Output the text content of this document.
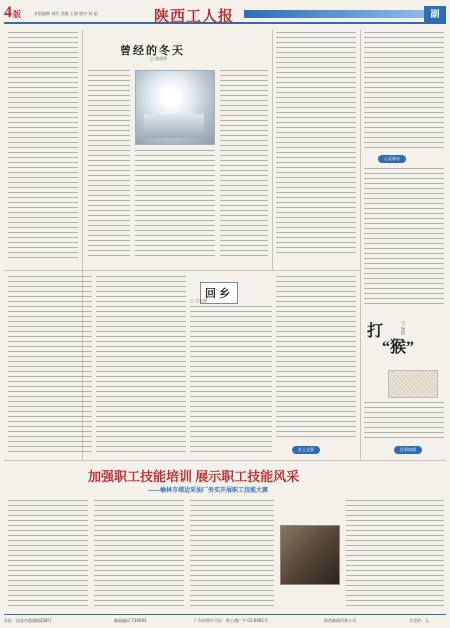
4版	本版编辑 刘红 美编 王倩 校对 何 丽	陕西工人报	副
曾经的冬天
□ 张建荣
心灵驿站
回乡
□ 王志强
乡土文章
打
“猴”
□ 杨凯
往事如烟
加强职工技能培训 展示职工技能风采
——榆林市靖边采油厂务实开展职工技能大赛
社址：西安市莲湖路258号	邮政编码 710003	广告经营许可证：陕工商广字 01-0001号	陕西新闻印务公司	月定价：元
